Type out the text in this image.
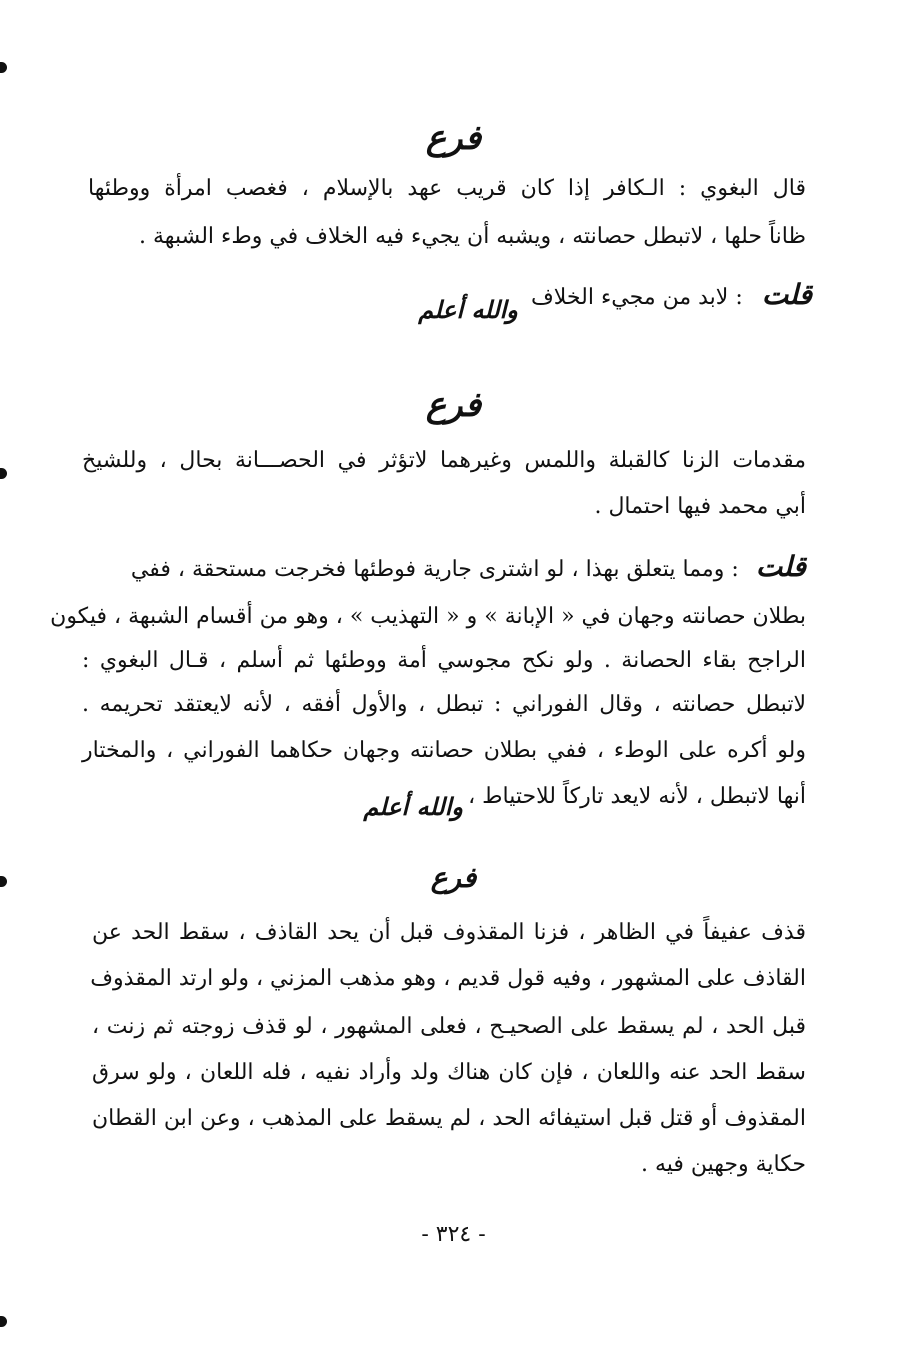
فرع
قال البغوي : الـكافر إذا كان قريب عهد بالإسلام ، فغصب امرأة ووطئها
ظاناً حلها ، لاتبطل حصانته ، ويشبه أن يجيء فيه الخلاف في وطء الشبهة .
قلت : لابد من مجيء الخلاف والله أعلم
فرع
مقدمات الزنا كالقبلة واللمس وغيرهما لاتؤثر في الحصـــانة بحال ، وللشيخ
أبي محمد فيها احتمال .
قلت : ومما يتعلق بهذا ، لو اشترى جارية فوطئها فخرجت مستحقة ، ففي
بطلان حصانته وجهان في « الإبانة » و « التهذيب » ، وهو من أقسام الشبهة ، فيكون
الراجح بقاء الحصانة . ولو نكح مجوسي أمة ووطئها ثم أسلم ، قـال البغوي :
لاتبطل حصانته ، وقال الفوراني : تبطل ، والأول أفقه ، لأنه لايعتقد تحريمه .
ولو أكره على الوطء ، ففي بطلان حصانته وجهان حكاهما الفوراني ، والمختار
أنها لاتبطل ، لأنه لايعد تاركاً للاحتياط ، والله أعلم
فرع
قذف عفيفاً في الظاهر ، فزنا المقذوف قبل أن يحد القاذف ، سقط الحد عن
القاذف على المشهور ، وفيه قول قديم ، وهو مذهب المزني ، ولو ارتد المقذوف
قبل الحد ، لم يسقط على الصحيـح ، فعلى المشهور ، لو قذف زوجته ثم زنت ،
سقط الحد عنه واللعان ، فإن كان هناك ولد وأراد نفيه ، فله اللعان ، ولو سرق
المقذوف أو قتل قبل استيفائه الحد ، لم يسقط على المذهب ، وعن ابن القطان
حكاية وجهين فيه .
- ٣٢٤ -
